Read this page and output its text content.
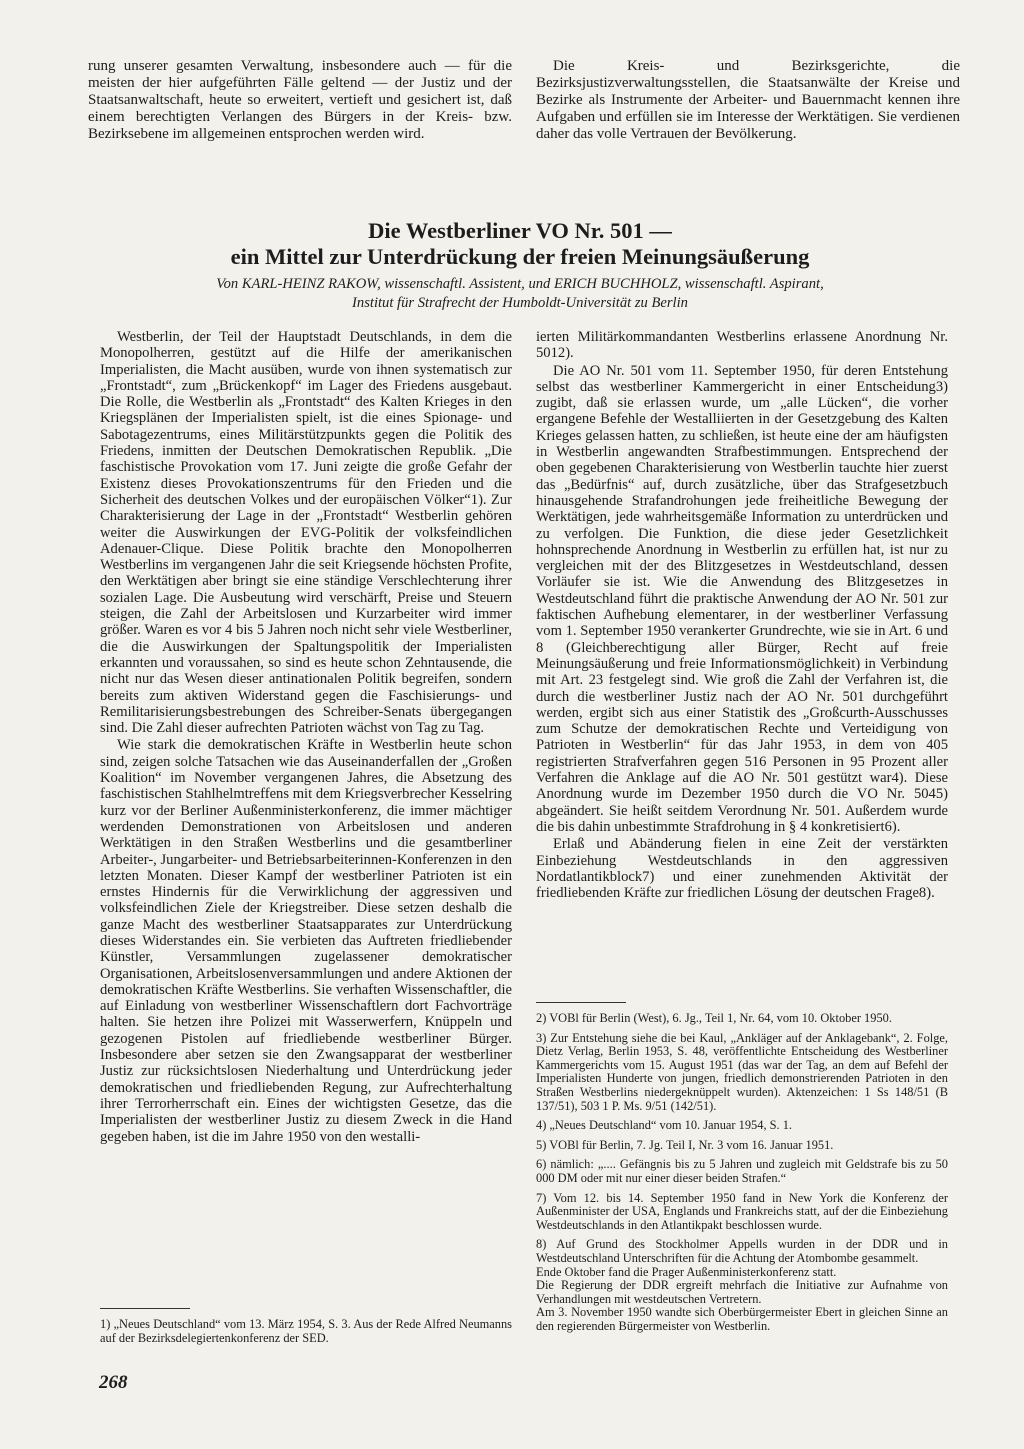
rung unserer gesamten Verwaltung, insbesondere auch — für die meisten der hier aufgeführten Fälle geltend — der Justiz und der Staatsanwaltschaft, heute so erweitert, vertieft und gesichert ist, daß einem berechtigten Verlangen des Bürgers in der Kreis- bzw. Bezirksebene im allgemeinen entsprochen werden wird.

Die Kreis- und Bezirksgerichte, die Bezirksjustizverwaltungsstellen, die Staatsanwälte der Kreise und Bezirke als Instrumente der Arbeiter- und Bauernmacht kennen ihre Aufgaben und erfüllen sie im Interesse der Werktätigen. Sie verdienen daher das volle Vertrauen der Bevölkerung.

Die Westberliner VO Nr. 501 —
ein Mittel zur Unterdrückung der freien Meinungsäußerung
Von KARL-HEINZ RAKOW, wissenschaftl. Assistent, und ERICH BUCHHOLZ, wissenschaftl. Aspirant,
Institut für Strafrecht der Humboldt-Universität zu Berlin

Westberlin, der Teil der Hauptstadt Deutschlands, in dem die Monopolherren, gestützt auf die Hilfe der amerikanischen Imperialisten, die Macht ausüben, wurde von ihnen systematisch zur „Frontstadt“, zum „Brückenkopf“ im Lager des Friedens ausgebaut. Die Rolle, die Westberlin als „Frontstadt“ des Kalten Krieges in den Kriegsplänen der Imperialisten spielt, ist die eines Spionage- und Sabotagezentrums, eines Militärstützpunkts gegen die Politik des Friedens, inmitten der Deutschen Demokratischen Republik. „Die faschistische Provokation vom 17. Juni zeigte die große Gefahr der Existenz dieses Provokationszentrums für den Frieden und die Sicherheit des deutschen Volkes und der europäischen Völker“1). Zur Charakterisierung der Lage in der „Frontstadt“ Westberlin gehören weiter die Auswirkungen der EVG-Politik der volksfeindlichen Adenauer-Clique. Diese Politik brachte den Monopolherren Westberlins im vergangenen Jahr die seit Kriegsende höchsten Profite, den Werktätigen aber bringt sie eine ständige Verschlechterung ihrer sozialen Lage. Die Ausbeutung wird verschärft, Preise und Steuern steigen, die Zahl der Arbeitslosen und Kurzarbeiter wird immer größer. Waren es vor 4 bis 5 Jahren noch nicht sehr viele Westberliner, die die Auswirkungen der Spaltungspolitik der Imperialisten erkannten und voraussahen, so sind es heute schon Zehntausende, die nicht nur das Wesen dieser antinationalen Politik begreifen, sondern bereits zum aktiven Widerstand gegen die Faschisierungs- und Remilitarisierungsbestrebungen des Schreiber-Senats übergegangen sind. Die Zahl dieser aufrechten Patrioten wächst von Tag zu Tag.

Wie stark die demokratischen Kräfte in Westberlin heute schon sind, zeigen solche Tatsachen wie das Auseinanderfallen der „Großen Koalition“ im November vergangenen Jahres, die Absetzung des faschistischen Stahlhelmtreffens mit dem Kriegsverbrecher Kesselring kurz vor der Berliner Außenministerkonferenz, die immer mächtiger werdenden Demonstrationen von Arbeitslosen und anderen Werktätigen in den Straßen Westberlins und die gesamtberliner Arbeiter-, Jungarbeiter- und Betriebsarbeiterinnen-Konferenzen in den letzten Monaten. Dieser Kampf der westberliner Patrioten ist ein ernstes Hindernis für die Verwirklichung der aggressiven und volksfeindlichen Ziele der Kriegstreiber. Diese setzen deshalb die ganze Macht des westberliner Staatsapparates zur Unterdrückung dieses Widerstandes ein. Sie verbieten das Auftreten friedliebender Künstler, Versammlungen zugelassener demokratischer Organisationen, Arbeitslosenversammlungen und andere Aktionen der demokratischen Kräfte Westberlins. Sie verhaften Wissenschaftler, die auf Einladung von westberliner Wissenschaftlern dort Fachvorträge halten. Sie hetzen ihre Polizei mit Wasserwerfern, Knüppeln und gezogenen Pistolen auf friedliebende westberliner Bürger. Insbesondere aber setzen sie den Zwangsapparat der westberliner Justiz zur rücksichtslosen Niederhaltung und Unterdrückung jeder demokratischen und friedliebenden Regung, zur Aufrechterhaltung ihrer Terrorherrschaft ein. Eines der wichtigsten Gesetze, das die Imperialisten der westberliner Justiz zu diesem Zweck in die Hand gegeben haben, ist die im Jahre 1950 von den westalli-

1) „Neues Deutschland“ vom 13. März 1954, S. 3. Aus der Rede Alfred Neumanns auf der Bezirksdelegiertenkonferenz der SED.

ierten Militärkommandanten Westberlins erlassene Anordnung Nr. 5012).

Die AO Nr. 501 vom 11. September 1950, für deren Entstehung selbst das westberliner Kammergericht in einer Entscheidung3) zugibt, daß sie erlassen wurde, um „alle Lücken“, die vorher ergangene Befehle der Westalliierten in der Gesetzgebung des Kalten Krieges gelassen hatten, zu schließen, ist heute eine der am häufigsten in Westberlin angewandten Strafbestimmungen. Entsprechend der oben gegebenen Charakterisierung von Westberlin tauchte hier zuerst das „Bedürfnis“ auf, durch zusätzliche, über das Strafgesetzbuch hinausgehende Strafandrohungen jede freiheitliche Bewegung der Werktätigen, jede wahrheitsgemäße Information zu unterdrücken und zu verfolgen. Die Funktion, die diese jeder Gesetzlichkeit hohnsprechende Anordnung in Westberlin zu erfüllen hat, ist nur zu vergleichen mit der des Blitzgesetzes in Westdeutschland, dessen Vorläufer sie ist. Wie die Anwendung des Blitzgesetzes in Westdeutschland führt die praktische Anwendung der AO Nr. 501 zur faktischen Aufhebung elementarer, in der westberliner Verfassung vom 1. September 1950 verankerter Grundrechte, wie sie in Art. 6 und 8 (Gleichberechtigung aller Bürger, Recht auf freie Meinungsäußerung und freie Informationsmöglichkeit) in Verbindung mit Art. 23 festgelegt sind. Wie groß die Zahl der Verfahren ist, die durch die westberliner Justiz nach der AO Nr. 501 durchgeführt werden, ergibt sich aus einer Statistik des „Großcurth-Ausschusses zum Schutze der demokratischen Rechte und Verteidigung von Patrioten in Westberlin“ für das Jahr 1953, in dem von 405 registrierten Strafverfahren gegen 516 Personen in 95 Prozent aller Verfahren die Anklage auf die AO Nr. 501 gestützt war4). Diese Anordnung wurde im Dezember 1950 durch die VO Nr. 5045) abgeändert. Sie heißt seitdem Verordnung Nr. 501. Außerdem wurde die bis dahin unbestimmte Strafdrohung in § 4 konkretisiert6).

Erlaß und Abänderung fielen in eine Zeit der verstärkten Einbeziehung Westdeutschlands in den aggressiven Nordatlantikblock7) und einer zunehmenden Aktivität der friedliebenden Kräfte zur friedlichen Lösung der deutschen Frage8).

2) VOBl für Berlin (West), 6. Jg., Teil 1, Nr. 64, vom 10. Oktober 1950.

3) Zur Entstehung siehe die bei Kaul, „Ankläger auf der Anklagebank“, 2. Folge, Dietz Verlag, Berlin 1953, S. 48, veröffentlichte Entscheidung des Westberliner Kammergerichts vom 15. August 1951 (das war der Tag, an dem auf Befehl der Imperialisten Hunderte von jungen, friedlich demonstrierenden Patrioten in den Straßen Westberlins niedergeknüppelt wurden). Aktenzeichen: 1 Ss 148/51 (B 137/51), 503 1 P. Ms. 9/51 (142/51).

4) „Neues Deutschland“ vom 10. Januar 1954, S. 1.

5) VOBl für Berlin, 7. Jg. Teil I, Nr. 3 vom 16. Januar 1951.

6) nämlich: „.... Gefängnis bis zu 5 Jahren und zugleich mit Geldstrafe bis zu 50 000 DM oder mit nur einer dieser beiden Strafen.“

7) Vom 12. bis 14. September 1950 fand in New York die Konferenz der Außenminister der USA, Englands und Frankreichs statt, auf der die Einbeziehung Westdeutschlands in den Atlantikpakt beschlossen wurde.

8) Auf Grund des Stockholmer Appells wurden in der DDR und in Westdeutschland Unterschriften für die Achtung der Atombombe gesammelt.

Ende Oktober fand die Prager Außenministerkonferenz statt.

Die Regierung der DDR ergreift mehrfach die Initiative zur Aufnahme von Verhandlungen mit westdeutschen Vertretern.

Am 3. November 1950 wandte sich Oberbürgermeister Ebert in gleichen Sinne an den regierenden Bürgermeister von Westberlin.

268
